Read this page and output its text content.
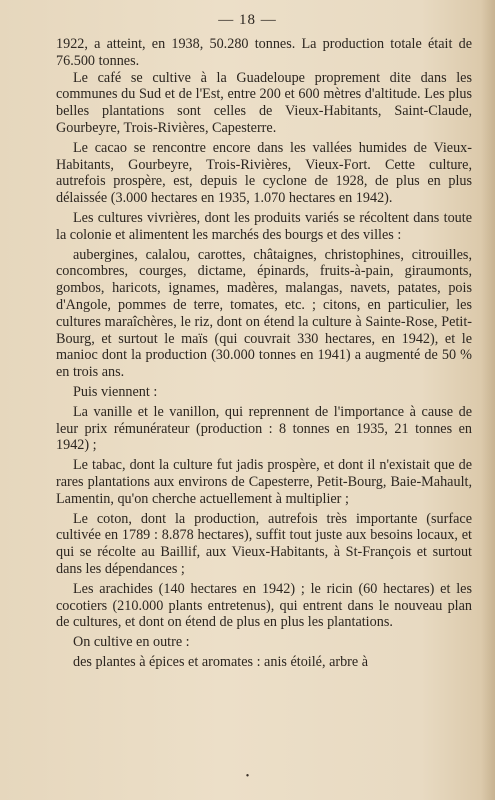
— 18 —

1922, a atteint, en 1938, 50.280 tonnes. La production totale était de 76.500 tonnes.

Le café se cultive à la Guadeloupe proprement dite dans les communes du Sud et de l'Est, entre 200 et 600 mètres d'altitude. Les plus belles plantations sont celles de Vieux-Habitants, Saint-Claude, Gourbeyre, Trois-Rivières, Capesterre.

Le cacao se rencontre encore dans les vallées humides de Vieux-Habitants, Gourbeyre, Trois-Rivières, Vieux-Fort. Cette culture, autrefois prospère, est, depuis le cyclone de 1928, de plus en plus délaissée (3.000 hectares en 1935, 1.070 hectares en 1942).

Les cultures vivrières, dont les produits variés se récoltent dans toute la colonie et alimentent les marchés des bourgs et des villes :

aubergines, calalou, carottes, châtaignes, christophines, citrouilles, concombres, courges, dictame, épinards, fruits-à-pain, giraumonts, gombos, haricots, ignames, madères, malangas, navets, patates, pois d'Angole, pommes de terre, tomates, etc. ; citons, en particulier, les cultures maraîchères, le riz, dont on étend la culture à Sainte-Rose, Petit-Bourg, et surtout le maïs (qui couvrait 330 hectares, en 1942), et le manioc dont la production (30.000 tonnes en 1941) a augmenté de 50 % en trois ans.

Puis viennent :

La vanille et le vanillon, qui reprennent de l'importance à cause de leur prix rémunérateur (production : 8 tonnes en 1935, 21 tonnes en 1942) ;

Le tabac, dont la culture fut jadis prospère, et dont il n'existait que de rares plantations aux environs de Capesterre, Petit-Bourg, Baie-Mahault, Lamentin, qu'on cherche actuellement à multiplier ;

Le coton, dont la production, autrefois très importante (surface cultivée en 1789 : 8.878 hectares), suffit tout juste aux besoins locaux, et qui se récolte au Baillif, aux Vieux-Habitants, à St-François et surtout dans les dépendances ;

Les arachides (140 hectares en 1942) ; le ricin (60 hectares) et les cocotiers (210.000 plants entretenus), qui entrent dans le nouveau plan de cultures, et dont on étend de plus en plus les plantations.

On cultive en outre :

des plantes à épices et aromates : anis étoilé, arbre à

•
